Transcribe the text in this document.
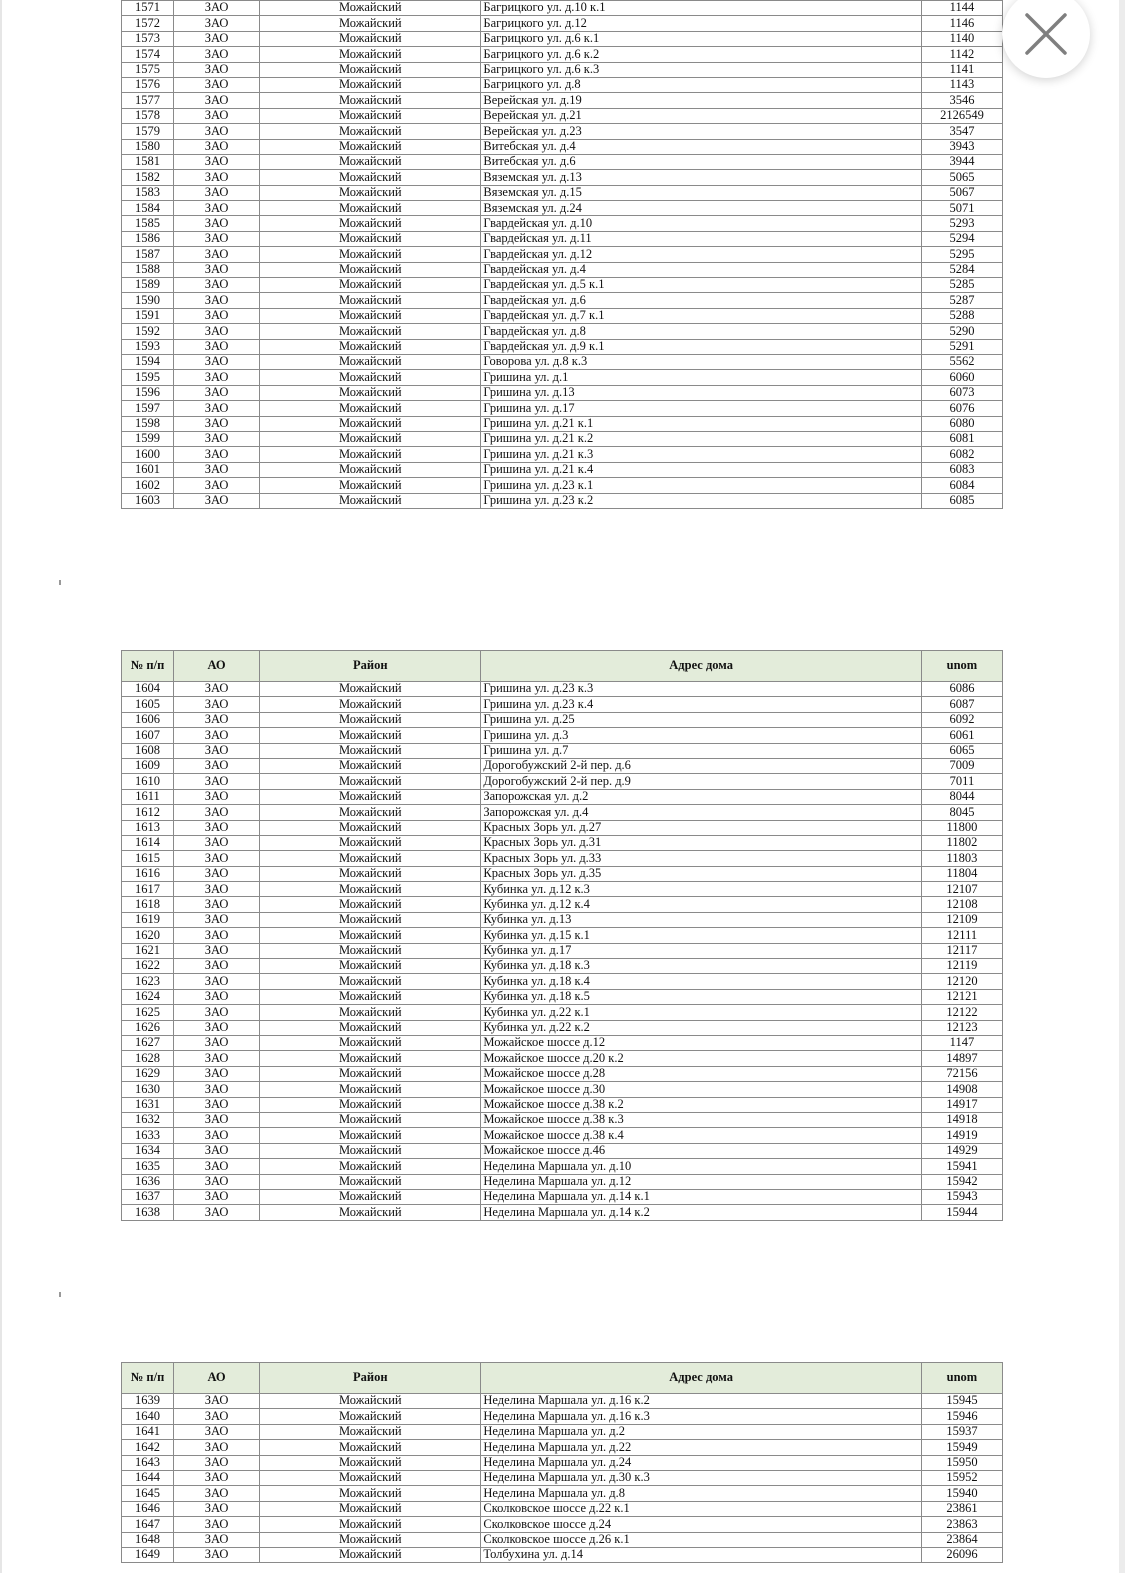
1571	ЗАО	Можайский	Багрицкого ул. д.10 к.1	1144
1572	ЗАО	Можайский	Багрицкого ул. д.12	1146
1573	ЗАО	Можайский	Багрицкого ул. д.6 к.1	1140
1574	ЗАО	Можайский	Багрицкого ул. д.6 к.2	1142
1575	ЗАО	Можайский	Багрицкого ул. д.6 к.3	1141
1576	ЗАО	Можайский	Багрицкого ул. д.8	1143
1577	ЗАО	Можайский	Верейская ул. д.19	3546
1578	ЗАО	Можайский	Верейская ул. д.21	2126549
1579	ЗАО	Можайский	Верейская ул. д.23	3547
1580	ЗАО	Можайский	Витебская ул. д.4	3943
1581	ЗАО	Можайский	Витебская ул. д.6	3944
1582	ЗАО	Можайский	Вяземская ул. д.13	5065
1583	ЗАО	Можайский	Вяземская ул. д.15	5067
1584	ЗАО	Можайский	Вяземская ул. д.24	5071
1585	ЗАО	Можайский	Гвардейская ул. д.10	5293
1586	ЗАО	Можайский	Гвардейская ул. д.11	5294
1587	ЗАО	Можайский	Гвардейская ул. д.12	5295
1588	ЗАО	Можайский	Гвардейская ул. д.4	5284
1589	ЗАО	Можайский	Гвардейская ул. д.5 к.1	5285
1590	ЗАО	Можайский	Гвардейская ул. д.6	5287
1591	ЗАО	Можайский	Гвардейская ул. д.7 к.1	5288
1592	ЗАО	Можайский	Гвардейская ул. д.8	5290
1593	ЗАО	Можайский	Гвардейская ул. д.9 к.1	5291
1594	ЗАО	Можайский	Говорова ул. д.8 к.3	5562
1595	ЗАО	Можайский	Гришина ул. д.1	6060
1596	ЗАО	Можайский	Гришина ул. д.13	6073
1597	ЗАО	Можайский	Гришина ул. д.17	6076
1598	ЗАО	Можайский	Гришина ул. д.21 к.1	6080
1599	ЗАО	Можайский	Гришина ул. д.21 к.2	6081
1600	ЗАО	Можайский	Гришина ул. д.21 к.3	6082
1601	ЗАО	Можайский	Гришина ул. д.21 к.4	6083
1602	ЗАО	Можайский	Гришина ул. д.23 к.1	6084
1603	ЗАО	Можайский	Гришина ул. д.23 к.2	6085
№ п/п	АО	Район	Адрес дома	unom
1604	ЗАО	Можайский	Гришина ул. д.23 к.3	6086
1605	ЗАО	Можайский	Гришина ул. д.23 к.4	6087
1606	ЗАО	Можайский	Гришина ул. д.25	6092
1607	ЗАО	Можайский	Гришина ул. д.3	6061
1608	ЗАО	Можайский	Гришина ул. д.7	6065
1609	ЗАО	Можайский	Дорогобужский 2-й пер. д.6	7009
1610	ЗАО	Можайский	Дорогобужский 2-й пер. д.9	7011
1611	ЗАО	Можайский	Запорожская ул. д.2	8044
1612	ЗАО	Можайский	Запорожская ул. д.4	8045
1613	ЗАО	Можайский	Красных Зорь ул. д.27	11800
1614	ЗАО	Можайский	Красных Зорь ул. д.31	11802
1615	ЗАО	Можайский	Красных Зорь ул. д.33	11803
1616	ЗАО	Можайский	Красных Зорь ул. д.35	11804
1617	ЗАО	Можайский	Кубинка ул. д.12 к.3	12107
1618	ЗАО	Можайский	Кубинка ул. д.12 к.4	12108
1619	ЗАО	Можайский	Кубинка ул. д.13	12109
1620	ЗАО	Можайский	Кубинка ул. д.15 к.1	12111
1621	ЗАО	Можайский	Кубинка ул. д.17	12117
1622	ЗАО	Можайский	Кубинка ул. д.18 к.3	12119
1623	ЗАО	Можайский	Кубинка ул. д.18 к.4	12120
1624	ЗАО	Можайский	Кубинка ул. д.18 к.5	12121
1625	ЗАО	Можайский	Кубинка ул. д.22 к.1	12122
1626	ЗАО	Можайский	Кубинка ул. д.22 к.2	12123
1627	ЗАО	Можайский	Можайское шоссе д.12	1147
1628	ЗАО	Можайский	Можайское шоссе д.20 к.2	14897
1629	ЗАО	Можайский	Можайское шоссе д.28	72156
1630	ЗАО	Можайский	Можайское шоссе д.30	14908
1631	ЗАО	Можайский	Можайское шоссе д.38 к.2	14917
1632	ЗАО	Можайский	Можайское шоссе д.38 к.3	14918
1633	ЗАО	Можайский	Можайское шоссе д.38 к.4	14919
1634	ЗАО	Можайский	Можайское шоссе д.46	14929
1635	ЗАО	Можайский	Неделина Маршала ул. д.10	15941
1636	ЗАО	Можайский	Неделина Маршала ул. д.12	15942
1637	ЗАО	Можайский	Неделина Маршала ул. д.14 к.1	15943
1638	ЗАО	Можайский	Неделина Маршала ул. д.14 к.2	15944
№ п/п	АО	Район	Адрес дома	unom
1639	ЗАО	Можайский	Неделина Маршала ул. д.16 к.2	15945
1640	ЗАО	Можайский	Неделина Маршала ул. д.16 к.3	15946
1641	ЗАО	Можайский	Неделина Маршала ул. д.2	15937
1642	ЗАО	Можайский	Неделина Маршала ул. д.22	15949
1643	ЗАО	Можайский	Неделина Маршала ул. д.24	15950
1644	ЗАО	Можайский	Неделина Маршала ул. д.30 к.3	15952
1645	ЗАО	Можайский	Неделина Маршала ул. д.8	15940
1646	ЗАО	Можайский	Сколковское шоссе д.22 к.1	23861
1647	ЗАО	Можайский	Сколковское шоссе д.24	23863
1648	ЗАО	Можайский	Сколковское шоссе д.26 к.1	23864
1649	ЗАО	Можайский	Толбухина ул. д.14	26096
